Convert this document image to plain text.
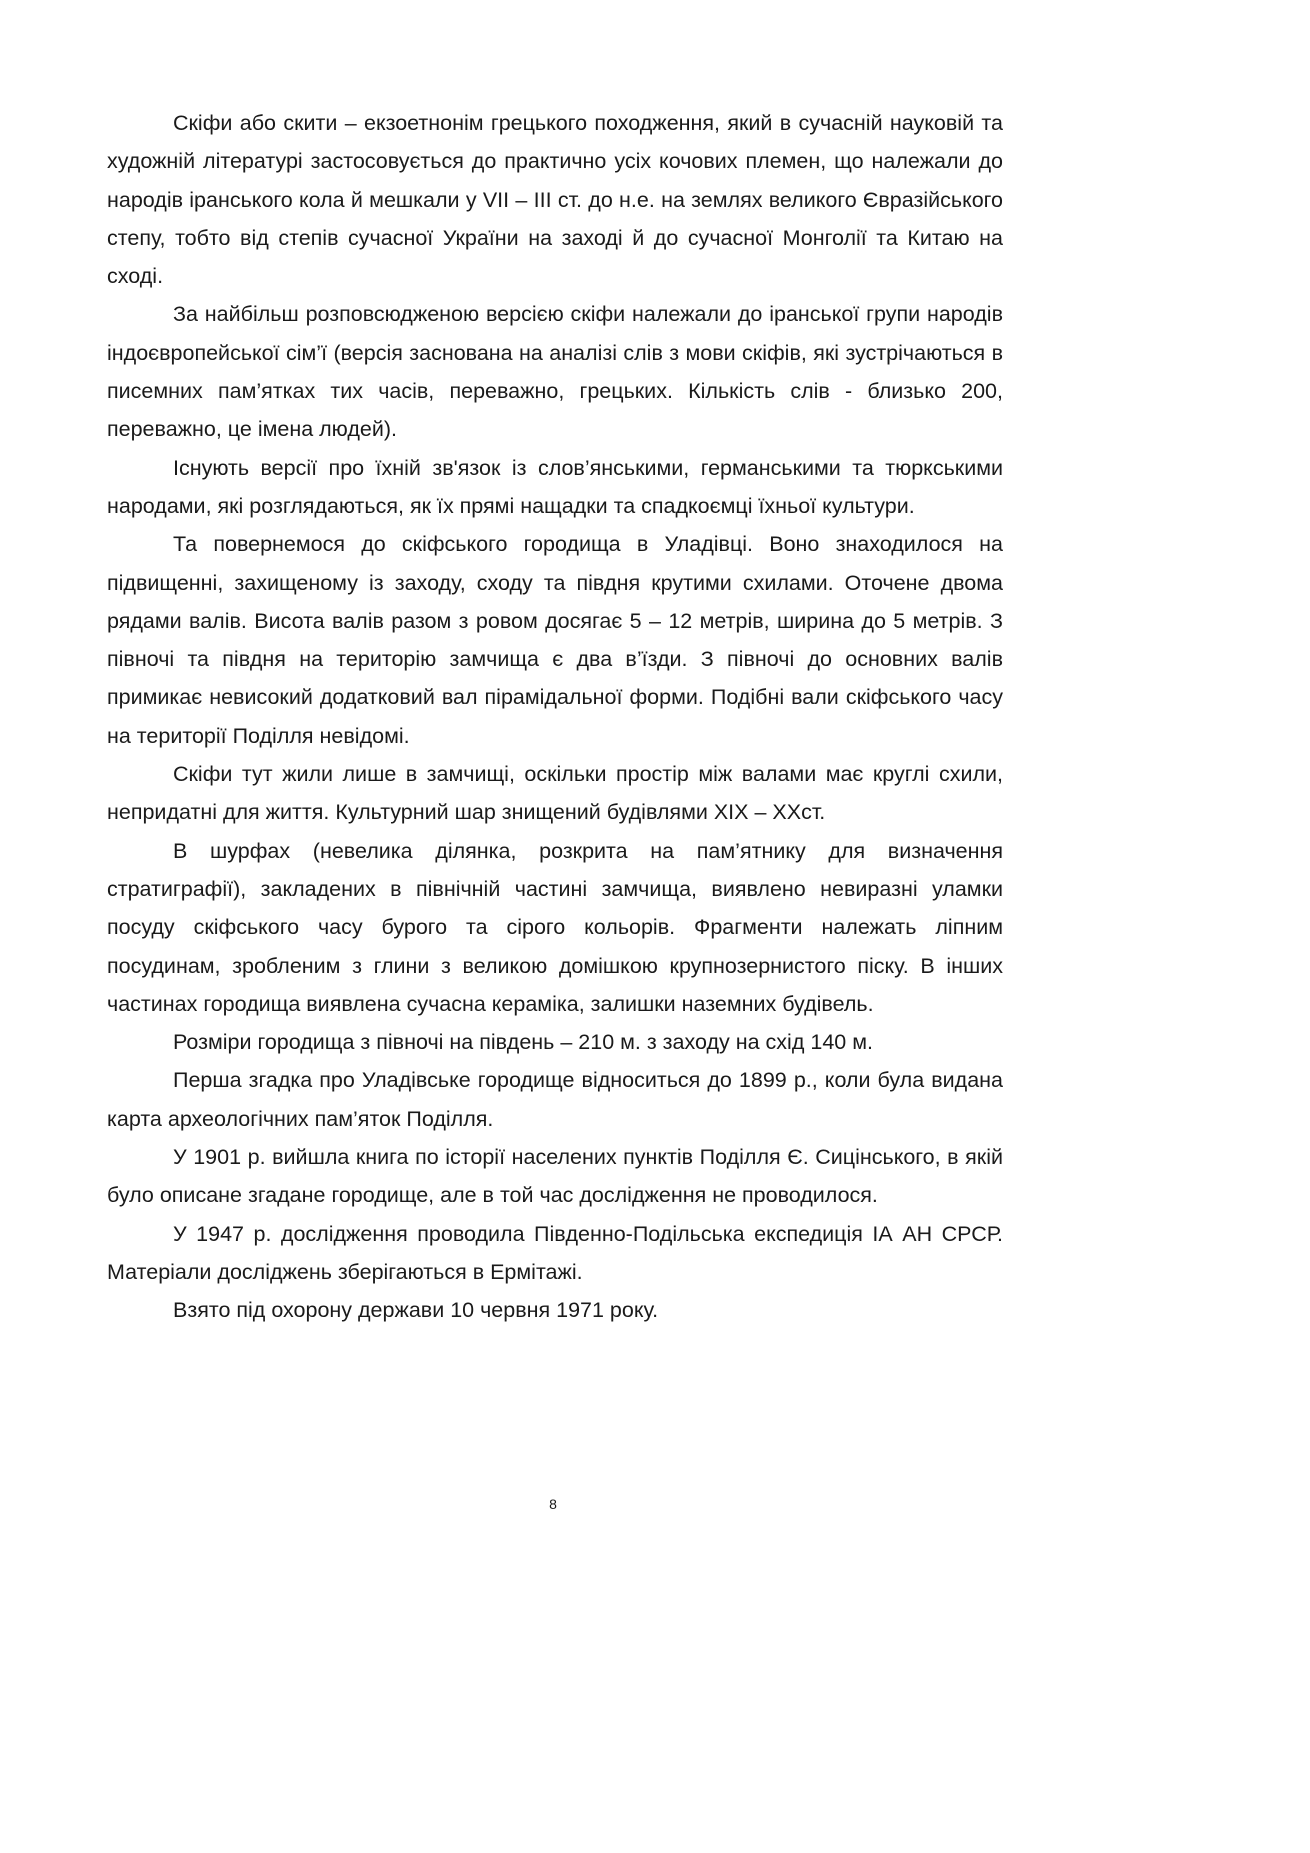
Скіфи або скити – екзоетнонім грецького походження, який в сучасній науковій та художній літературі застосовується до практично усіх кочових племен, що належали до народів іранського кола й мешкали у VII – III ст. до н.е. на землях великого Євразійського степу, тобто від степів сучасної України на заході й до сучасної Монголії та Китаю на сході.

За найбільш розповсюдженою версією скіфи належали до іранської групи народів індоєвропейської сім’ї (версія заснована на аналізі слів з мови скіфів, які зустрічаються в писемних пам’ятках тих часів, переважно, грецьких. Кількість слів - близько 200, переважно, це імена людей).

Існують версії про їхній зв'язок із слов’янськими, германськими та тюркськими народами, які розглядаються, як їх прямі нащадки та спадкоємці їхньої культури.

Та повернемося до скіфського городища в Уладівці. Воно знаходилося на підвищенні, захищеному із заходу, сходу та півдня крутими схилами. Оточене двома рядами валів. Висота валів разом з ровом досягає 5 – 12 метрів, ширина до 5 метрів. З півночі та півдня на територію замчища є два в’їзди. З півночі до основних валів примикає невисокий додатковий вал пірамідальної форми. Подібні вали скіфського часу на території Поділля невідомі.

Скіфи тут жили лише в замчищі, оскільки простір між валами має круглі схили, непридатні для життя. Культурний шар знищений будівлями ХІХ – ХХст.

В шурфах (невелика ділянка, розкрита на пам’ятнику для визначення стратиграфії), закладених в північній частині замчища, виявлено невиразні уламки посуду скіфського часу бурого та сірого кольорів. Фрагменти належать ліпним посудинам, зробленим з глини з великою домішкою крупнозернистого піску. В інших частинах городища виявлена сучасна кераміка, залишки наземних будівель.

Розміри городища з півночі на південь – 210 м. з заходу на схід 140 м.

Перша згадка про Уладівське городище відноситься до 1899 р., коли була видана карта археологічних пам’яток Поділля.

У 1901 р. вийшла книга по історії населених пунктів Поділля Є. Сицінського, в якій було описане згадане городище, але в той час дослідження не проводилося.

У 1947 р. дослідження проводила Південно-Подільська експедиція ІА АН СРСР. Матеріали досліджень зберігаються в Ермітажі.

Взято під охорону держави 10 червня 1971 року.

8
